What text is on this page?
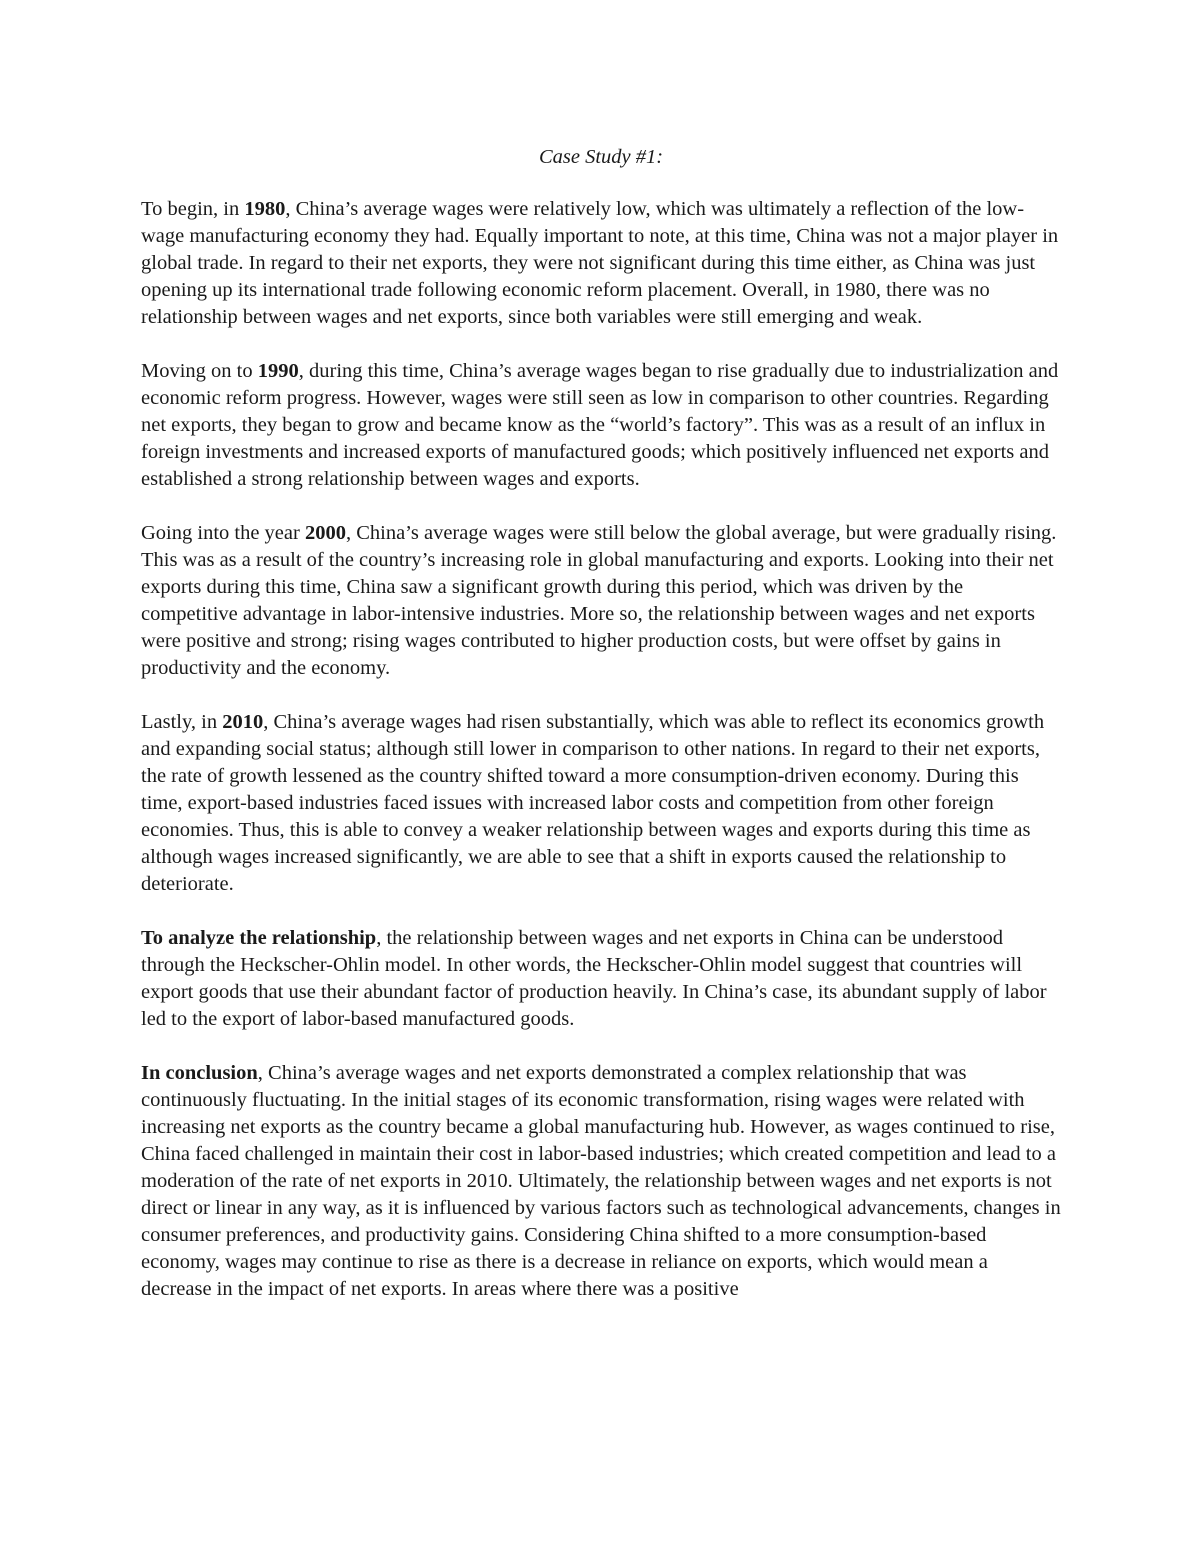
Case Study #1:

To begin, in 1980, China’s average wages were relatively low, which was ultimately a reflection of the low-wage manufacturing economy they had. Equally important to note, at this time, China was not a major player in global trade. In regard to their net exports, they were not significant during this time either, as China was just opening up its international trade following economic reform placement. Overall, in 1980, there was no relationship between wages and net exports, since both variables were still emerging and weak.

Moving on to 1990, during this time, China’s average wages began to rise gradually due to industrialization and economic reform progress. However, wages were still seen as low in comparison to other countries. Regarding net exports, they began to grow and became know as the “world’s factory”. This was as a result of an influx in foreign investments and increased exports of manufactured goods; which positively influenced net exports and established a strong relationship between wages and exports.

Going into the year 2000, China’s average wages were still below the global average, but were gradually rising. This was as a result of the country’s increasing role in global manufacturing and exports. Looking into their net exports during this time, China saw a significant growth during this period, which was driven by the competitive advantage in labor-intensive industries. More so, the relationship between wages and net exports were positive and strong; rising wages contributed to higher production costs, but were offset by gains in productivity and the economy.

Lastly, in 2010, China’s average wages had risen substantially, which was able to reflect its economics growth and expanding social status; although still lower in comparison to other nations. In regard to their net exports, the rate of growth lessened as the country shifted toward a more consumption-driven economy. During this time, export-based industries faced issues with increased labor costs and competition from other foreign economies. Thus, this is able to convey a weaker relationship between wages and exports during this time as although wages increased significantly, we are able to see that a shift in exports caused the relationship to deteriorate.

To analyze the relationship, the relationship between wages and net exports in China can be understood through the Heckscher-Ohlin model. In other words, the Heckscher-Ohlin model suggest that countries will export goods that use their abundant factor of production heavily. In China’s case, its abundant supply of labor led to the export of labor-based manufactured goods.

In conclusion, China’s average wages and net exports demonstrated a complex relationship that was continuously fluctuating. In the initial stages of its economic transformation, rising wages were related with increasing net exports as the country became a global manufacturing hub. However, as wages continued to rise, China faced challenged in maintain their cost in labor-based industries; which created competition and lead to a moderation of the rate of net exports in 2010. Ultimately, the relationship between wages and net exports is not direct or linear in any way, as it is influenced by various factors such as technological advancements, changes in consumer preferences, and productivity gains. Considering China shifted to a more consumption-based economy, wages may continue to rise as there is a decrease in reliance on exports, which would mean a decrease in the impact of net exports. In areas where there was a positive
